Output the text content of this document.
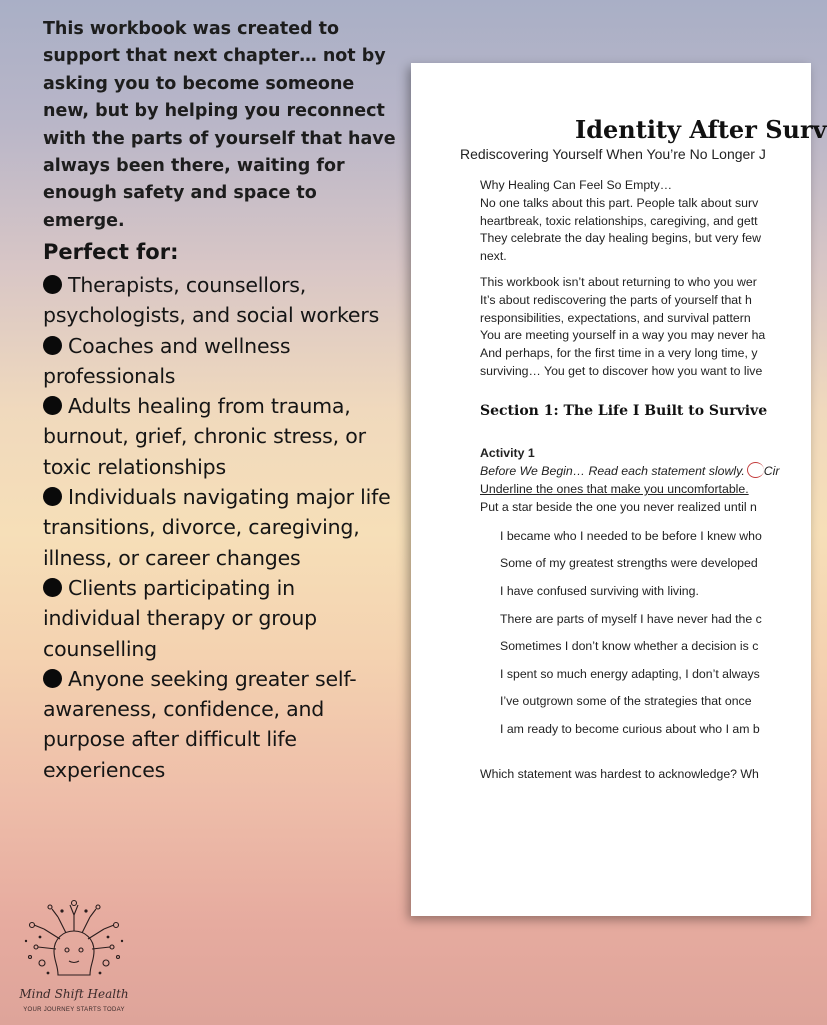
This workbook was created to

support that next chapter… not by

asking you to become someone

new, but by helping you reconnect

with the parts of yourself that have

always been there, waiting for

enough safety and space to emerge.

Perfect for:
Therapists, counsellors, psychologists, and social workers
Coaches and wellness professionals
Adults healing from trauma, burnout, grief, chronic stress, or toxic relationships
Individuals navigating major life transitions, divorce, caregiving, illness, or career changes
Clients participating in individual therapy or group counselling
Anyone seeking greater self-awareness, confidence, and purpose after difficult life experiences
Mind Shift Health
YOUR JOURNEY STARTS TODAY
Identity After Surv
Rediscovering Yourself When You’re No Longer J

Why Healing Can Feel So Empty…
No one talks about this part. People talk about surv
heartbreak, toxic relationships, caregiving, and gett
They celebrate the day healing begins, but very few
next.

This workbook isn’t about returning to who you wer
It’s about rediscovering the parts of yourself that h
responsibilities, expectations, and survival pattern
You are meeting yourself in a way you may never ha
And perhaps, for the first time in a very long time, y
surviving… You get to discover how you want to live

Section 1: The Life I Built to Survive
Activity 1
Before We Begin… Read each statement slowly. Cir
Underline the ones that make you uncomfortable.
Put a star beside the one you never realized until n
I became who I needed to be before I knew who
Some of my greatest strengths were developed
I have confused surviving with living.
There are parts of myself I have never had the c
Sometimes I don’t know whether a decision is c
I spent so much energy adapting, I don’t always
I’ve outgrown some of the strategies that once
I am ready to become curious about who I am b
Which statement was hardest to acknowledge? Wh
